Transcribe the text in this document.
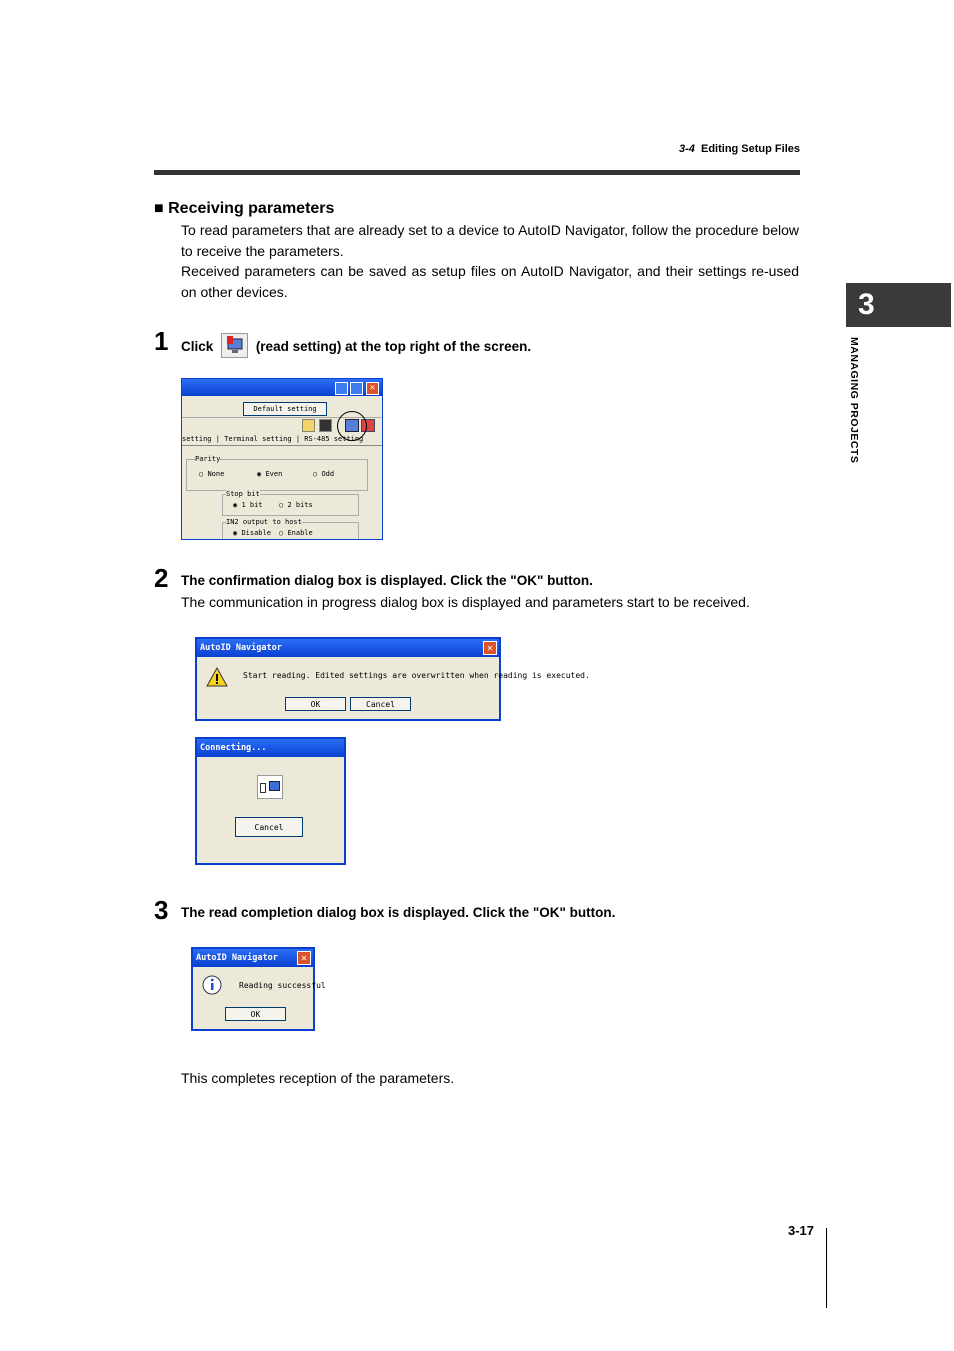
3-4 Editing Setup Files
3
MANAGING PROJECTS
■ Receiving parameters
To read parameters that are already set to a device to AutoID Navigator, follow the procedure below to receive the parameters.
Received parameters can be saved as setup files on AutoID Navigator, and their settings re-used on other devices.
1 Click	(read setting) at the top right of the screen.
✕
Default setting
setting | Terminal setting | RS-485 setting
Parity
○ None	◉ Even	○ Odd
Stop bit
◉ 1 bit ○ 2 bits
IN2 output to host
◉ Disable ○ Enable
2 The confirmation dialog box is displayed. Click the "OK" button.
The communication in progress dialog box is displayed and parameters start to be received.
AutoID Navigator	✕
Start reading. Edited settings are overwritten when reading is executed.
OK	Cancel
Connecting...
Cancel
3 The read completion dialog box is displayed. Click the "OK" button.
AutoID Navigator	✕
Reading successful
OK
This completes reception of the parameters.
3-17
